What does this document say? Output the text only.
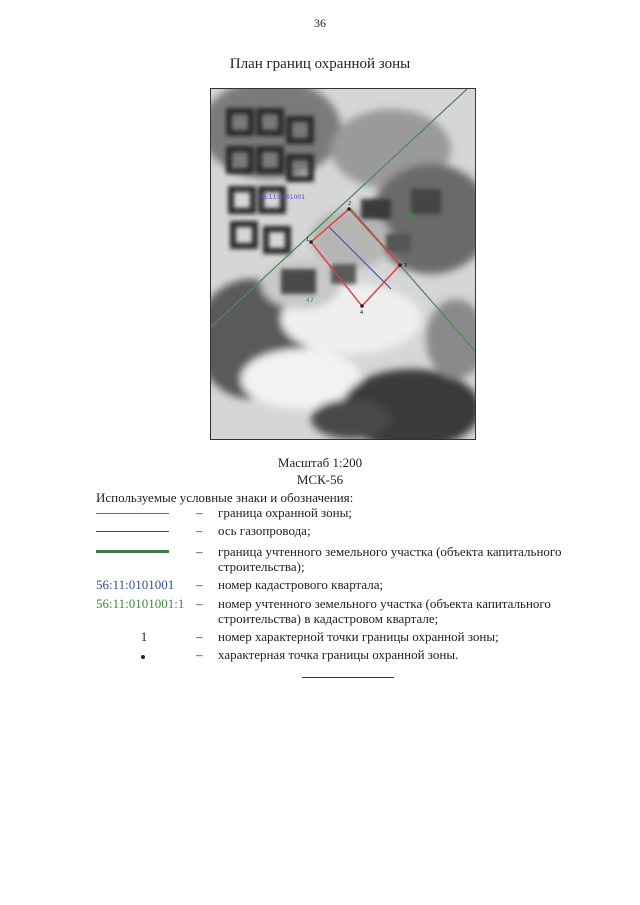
36
План границ охранной зоны
1
2
3
4
56:11:0101001
42
47
Масштаб 1:200
МСК-56
Используемые условные знаки и обозначения:
–	граница охранной зоны;
–	ось газопровода;
–	граница учтенного земельного участка (объекта капитального строительства);
56:11:0101001 –	номер кадастрового квартала;
56:11:0101001:1 –	номер учтенного земельного участка (объекта капитального строительства) в кадастровом квартале;
1	–	номер характерной точки границы охранной зоны;
–	характерная точка границы охранной зоны.
